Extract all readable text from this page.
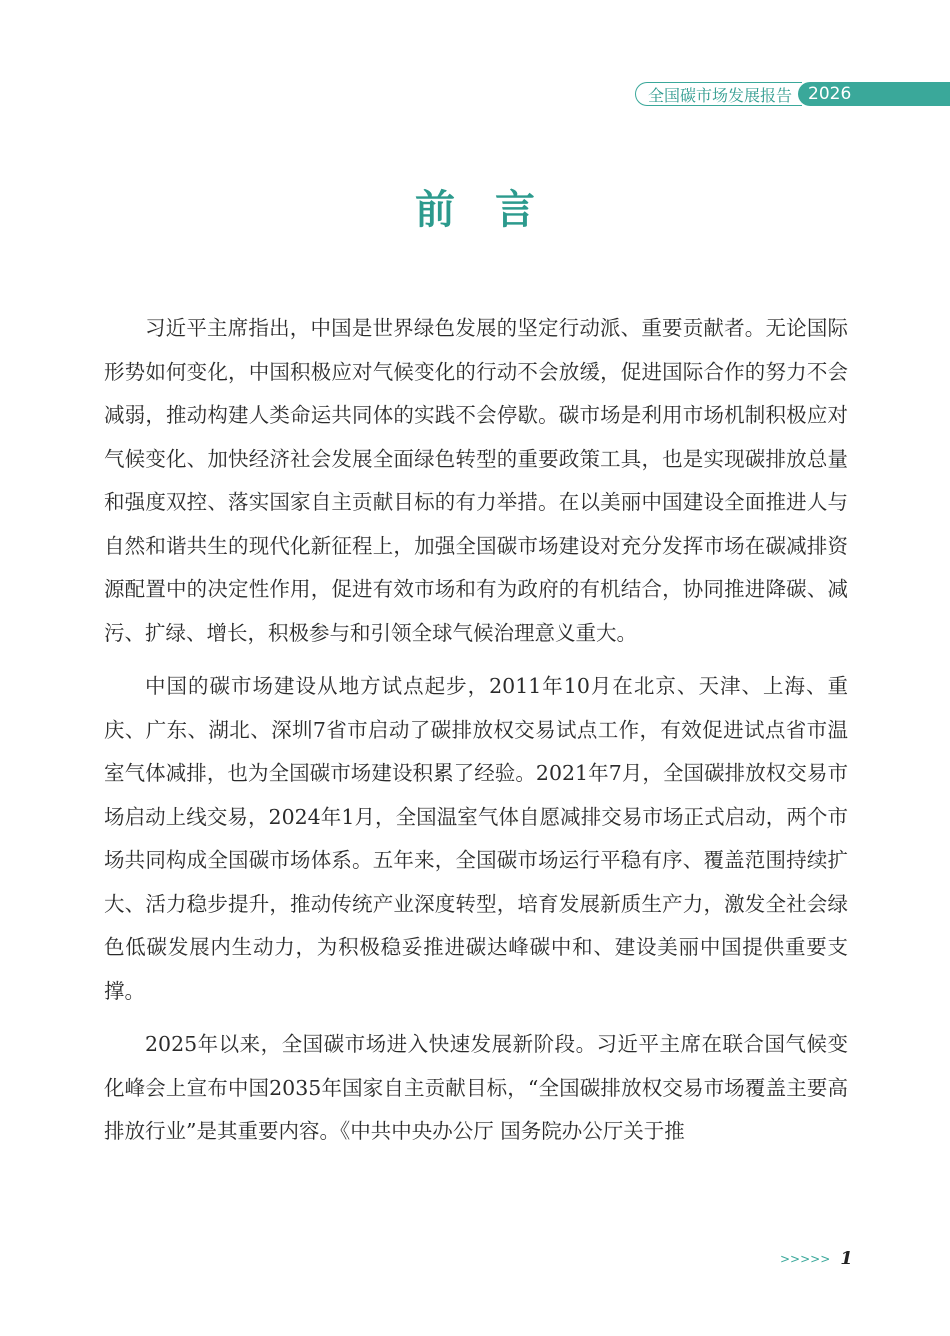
全国碳市场发展报告 2026
前言

习近平主席指出，中国是世界绿色发展的坚定行动派、重要贡献者。无论国际形势如何变化，中国积极应对气候变化的行动不会放缓，促进国际合作的努力不会减弱，推动构建人类命运共同体的实践不会停歇。碳市场是利用市场机制积极应对气候变化、加快经济社会发展全面绿色转型的重要政策工具，也是实现碳排放总量和强度双控、落实国家自主贡献目标的有力举措。在以美丽中国建设全面推进人与自然和谐共生的现代化新征程上，加强全国碳市场建设对充分发挥市场在碳减排资源配置中的决定性作用，促进有效市场和有为政府的有机结合，协同推进降碳、减污、扩绿、增长，积极参与和引领全球气候治理意义重大。

中国的碳市场建设从地方试点起步，2011年10月在北京、天津、上海、重庆、广东、湖北、深圳7省市启动了碳排放权交易试点工作，有效促进试点省市温室气体减排，也为全国碳市场建设积累了经验。2021年7月，全国碳排放权交易市场启动上线交易，2024年1月，全国温室气体自愿减排交易市场正式启动，两个市场共同构成全国碳市场体系。五年来，全国碳市场运行平稳有序、覆盖范围持续扩大、活力稳步提升，推动传统产业深度转型，培育发展新质生产力，激发全社会绿色低碳发展内生动力，为积极稳妥推进碳达峰碳中和、建设美丽中国提供重要支撑。

2025年以来，全国碳市场进入快速发展新阶段。习近平主席在联合国气候变化峰会上宣布中国2035年国家自主贡献目标，“全国碳排放权交易市场覆盖主要高排放行业”是其重要内容。《中共中央办公厅 国务院办公厅关于推

>>>>> 1
